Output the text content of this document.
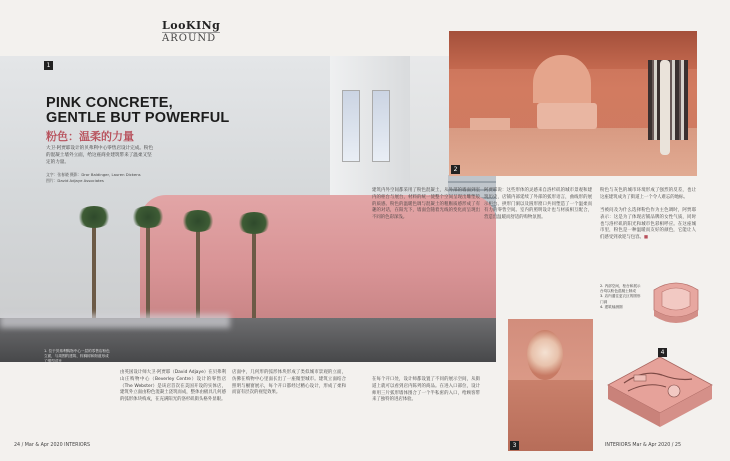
LooKINg
AROUND
1
PINK CONCRETE,
GENTLE BUT POWERFUL
粉色：温柔的力量
大卫·阿贾耶设计的贝弗利中心零售店设计完成。粉色的混凝土墙外立面，给这座商业建筑带来了温柔又坚定的力量。
文字：张春晓 摄影：Dror Baldinger, Lauren Dickens
图片：David Adjaye Associates
1. 位于贝弗利购物中心一层的零售店粉色立面，与周围的建筑、棕榈树和街道形成了强烈对比
2
由英国设计师大卫·阿贾耶（David Adjaye）在贝弗利山庄购物中心（Beverley Centre）设计的零售店（The Webster）是该店首次在美国开设的实体店，建筑外立面由粉色混凝土浇筑而成，整体由极具几何感的弧形体块构成，在充满阳光的洛杉矶街头格外显眼。
店面中，几何形的弧形体块形成了类似城市景观的立面，仿佛在购物中心里面长出了一座微型城市。建筑立面结合照明与橱窗展示，每个开口都经过精心设计，形成了柔和而富有层次的视觉效果。
建筑内外空间都采用了粉色混凝土，从外部的墙面到室内的柜台与展台，材料的统一使整个空间呈现出雕塑般的质感。粉色的温暖色调与混凝土的粗粝质感形成了有趣的对话，在阳光下，墙面会随着光线的变化而呈现出不同的色彩深浅。
阿贾耶说：这些形体的灵感来自洛杉矶的城市景观和建筑历史，店铺内部延续了外部的弧形语言，曲线形的展示柜台、拱形门洞以及圆形窗口共同塑造了一个温柔而有力的零售空间。室内的照明设计也与材质相互配合，营造出温暖而舒适的购物氛围。
在每个开口处，设计师都设置了不同的展示空间，从街道上就可以看到店内陈列的商品。在进入口部位，设计师用三片弧形墙体围合了一个半私密的入口，给顾客带来了独特的进店体验。
粉色与灰色的城市环境形成了强烈的反差，也让这座建筑成为了街道上一个令人难忘的地标。
当被问及为什么选择粉色作为主色调时，阿贾耶表示：这是为了体现店铺品牌的女性气质，同时也与洛杉矶的阳光和城市色彩相呼应。在这座城市里，粉色是一种温暖而友好的颜色，它能让人们感受到欢迎与包容。■
3
2. 内部空间，柜台和展示台均以粉色混凝土制成
3. 店内通往更衣区的圆形门洞
4. 建筑轴测图
4
24 / Mar & Apr 2020 INTERIORS	INTERIORS Mar & Apr 2020 / 25
